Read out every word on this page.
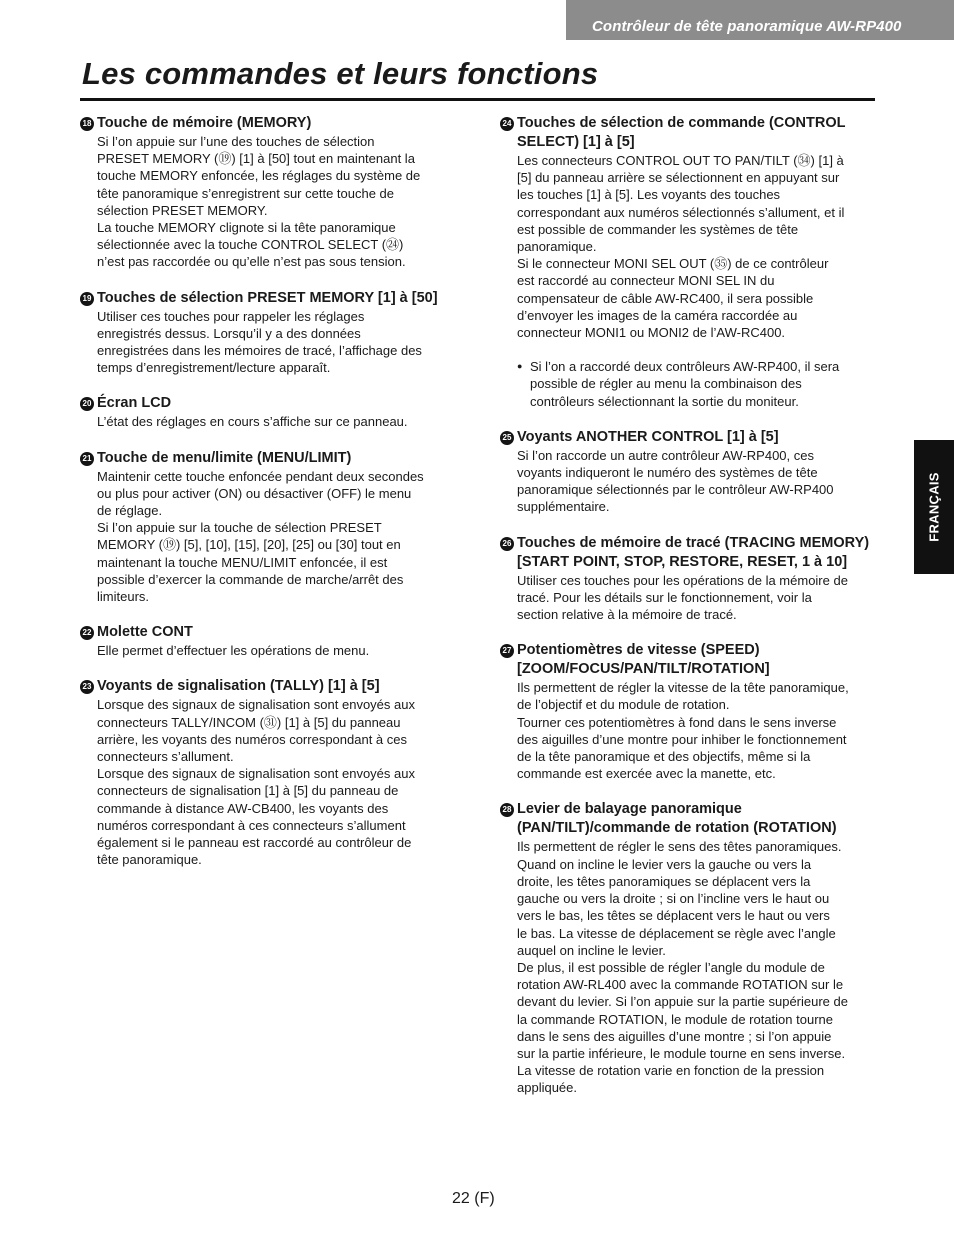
Contrôleur de tête panoramique AW-RP400
Les commandes et leurs fonctions
18 Touche de mémoire (MEMORY)

Si l’on appuie sur l’une des touches de sélection

PRESET MEMORY (⑲) [1] à [50] tout en maintenant la

touche MEMORY enfoncée, les réglages du système de

tête panoramique s’enregistrent sur cette touche de

sélection PRESET MEMORY.

La touche MEMORY clignote si la tête panoramique

sélectionnée avec la touche CONTROL SELECT (㉔)

n’est pas raccordée ou qu’elle n’est pas sous tension.

19 Touches de sélection PRESET MEMORY [1] à [50]

Utiliser ces touches pour rappeler les réglages

enregistrés dessus. Lorsqu’il y a des données

enregistrées dans les mémoires de tracé, l’affichage des

temps d’enregistrement/lecture apparaît.

20 Écran LCD

L’état des réglages en cours s’affiche sur ce panneau.

21 Touche de menu/limite (MENU/LIMIT)

Maintenir cette touche enfoncée pendant deux secondes

ou plus pour activer (ON) ou désactiver (OFF) le menu

de réglage.

Si l’on appuie sur la touche de sélection PRESET

MEMORY (⑲) [5], [10], [15], [20], [25] ou [30] tout en

maintenant la touche MENU/LIMIT enfoncée, il est

possible d’exercer la commande de marche/arrêt des

limiteurs.

22 Molette CONT

Elle permet d’effectuer les opérations de menu.

23 Voyants de signalisation (TALLY) [1] à [5]

Lorsque des signaux de signalisation sont envoyés aux

connecteurs TALLY/INCOM (㉛) [1] à [5] du panneau

arrière, les voyants des numéros correspondant à ces

connecteurs s’allument.

Lorsque des signaux de signalisation sont envoyés aux

connecteurs de signalisation [1] à [5] du panneau de

commande à distance AW-CB400, les voyants des

numéros correspondant à ces connecteurs s’allument

également si le panneau est raccordé au contrôleur de

tête panoramique.

24 Touches de sélection de commande (CONTROL SELECT) [1] à [5]

Les connecteurs CONTROL OUT TO PAN/TILT (㉞) [1] à

[5] du panneau arrière se sélectionnent en appuyant sur

les touches [1] à [5]. Les voyants des touches

correspondant aux numéros sélectionnés s’allument, et il

est possible de commander les systèmes de tête

panoramique.

Si le connecteur MONI SEL OUT (㉟) de ce contrôleur

est raccordé au connecteur MONI SEL IN du

compensateur de câble AW-RC400, il sera possible

d’envoyer les images de la caméra raccordée au

connecteur MONI1 ou MONI2 de l’AW-RC400.

● Si l’on a raccordé deux contrôleurs AW-RP400, il sera

possible de régler au menu la combinaison des

contrôleurs sélectionnant la sortie du moniteur.

25 Voyants ANOTHER CONTROL [1] à [5]

Si l’on raccorde un autre contrôleur AW-RP400, ces

voyants indiqueront le numéro des systèmes de tête

panoramique sélectionnés par le contrôleur AW-RP400

supplémentaire.

26 Touches de mémoire de tracé (TRACING MEMORY) [START POINT, STOP, RESTORE, RESET, 1 à 10]

Utiliser ces touches pour les opérations de la mémoire de

tracé. Pour les détails sur le fonctionnement, voir la

section relative à la mémoire de tracé.

27 Potentiomètres de vitesse (SPEED) [ZOOM/FOCUS/PAN/TILT/ROTATION]

Ils permettent de régler la vitesse de la tête panoramique,

de l’objectif et du module de rotation.

Tourner ces potentiomètres à fond dans le sens inverse

des aiguilles d’une montre pour inhiber le fonctionnement

de la tête panoramique et des objectifs, même si la

commande est exercée avec la manette, etc.

28 Levier de balayage panoramique (PAN/TILT)/commande de rotation (ROTATION)

Ils permettent de régler le sens des têtes panoramiques.

Quand on incline le levier vers la gauche ou vers la

droite, les têtes panoramiques se déplacent vers la

gauche ou vers la droite ; si on l’incline vers le haut ou

vers le bas, les têtes se déplacent vers le haut ou vers

le bas. La vitesse de déplacement se règle avec l’angle

auquel on incline le levier.

De plus, il est possible de régler l’angle du module de

rotation AW-RL400 avec la commande ROTATION sur le

devant du levier. Si l’on appuie sur la partie supérieure de

la commande ROTATION, le module de rotation tourne

dans le sens des aiguilles d’une montre ; si l’on appuie

sur la partie inférieure, le module tourne en sens inverse.

La vitesse de rotation varie en fonction de la pression

appliquée.

FRANÇAIS
22 (F)
